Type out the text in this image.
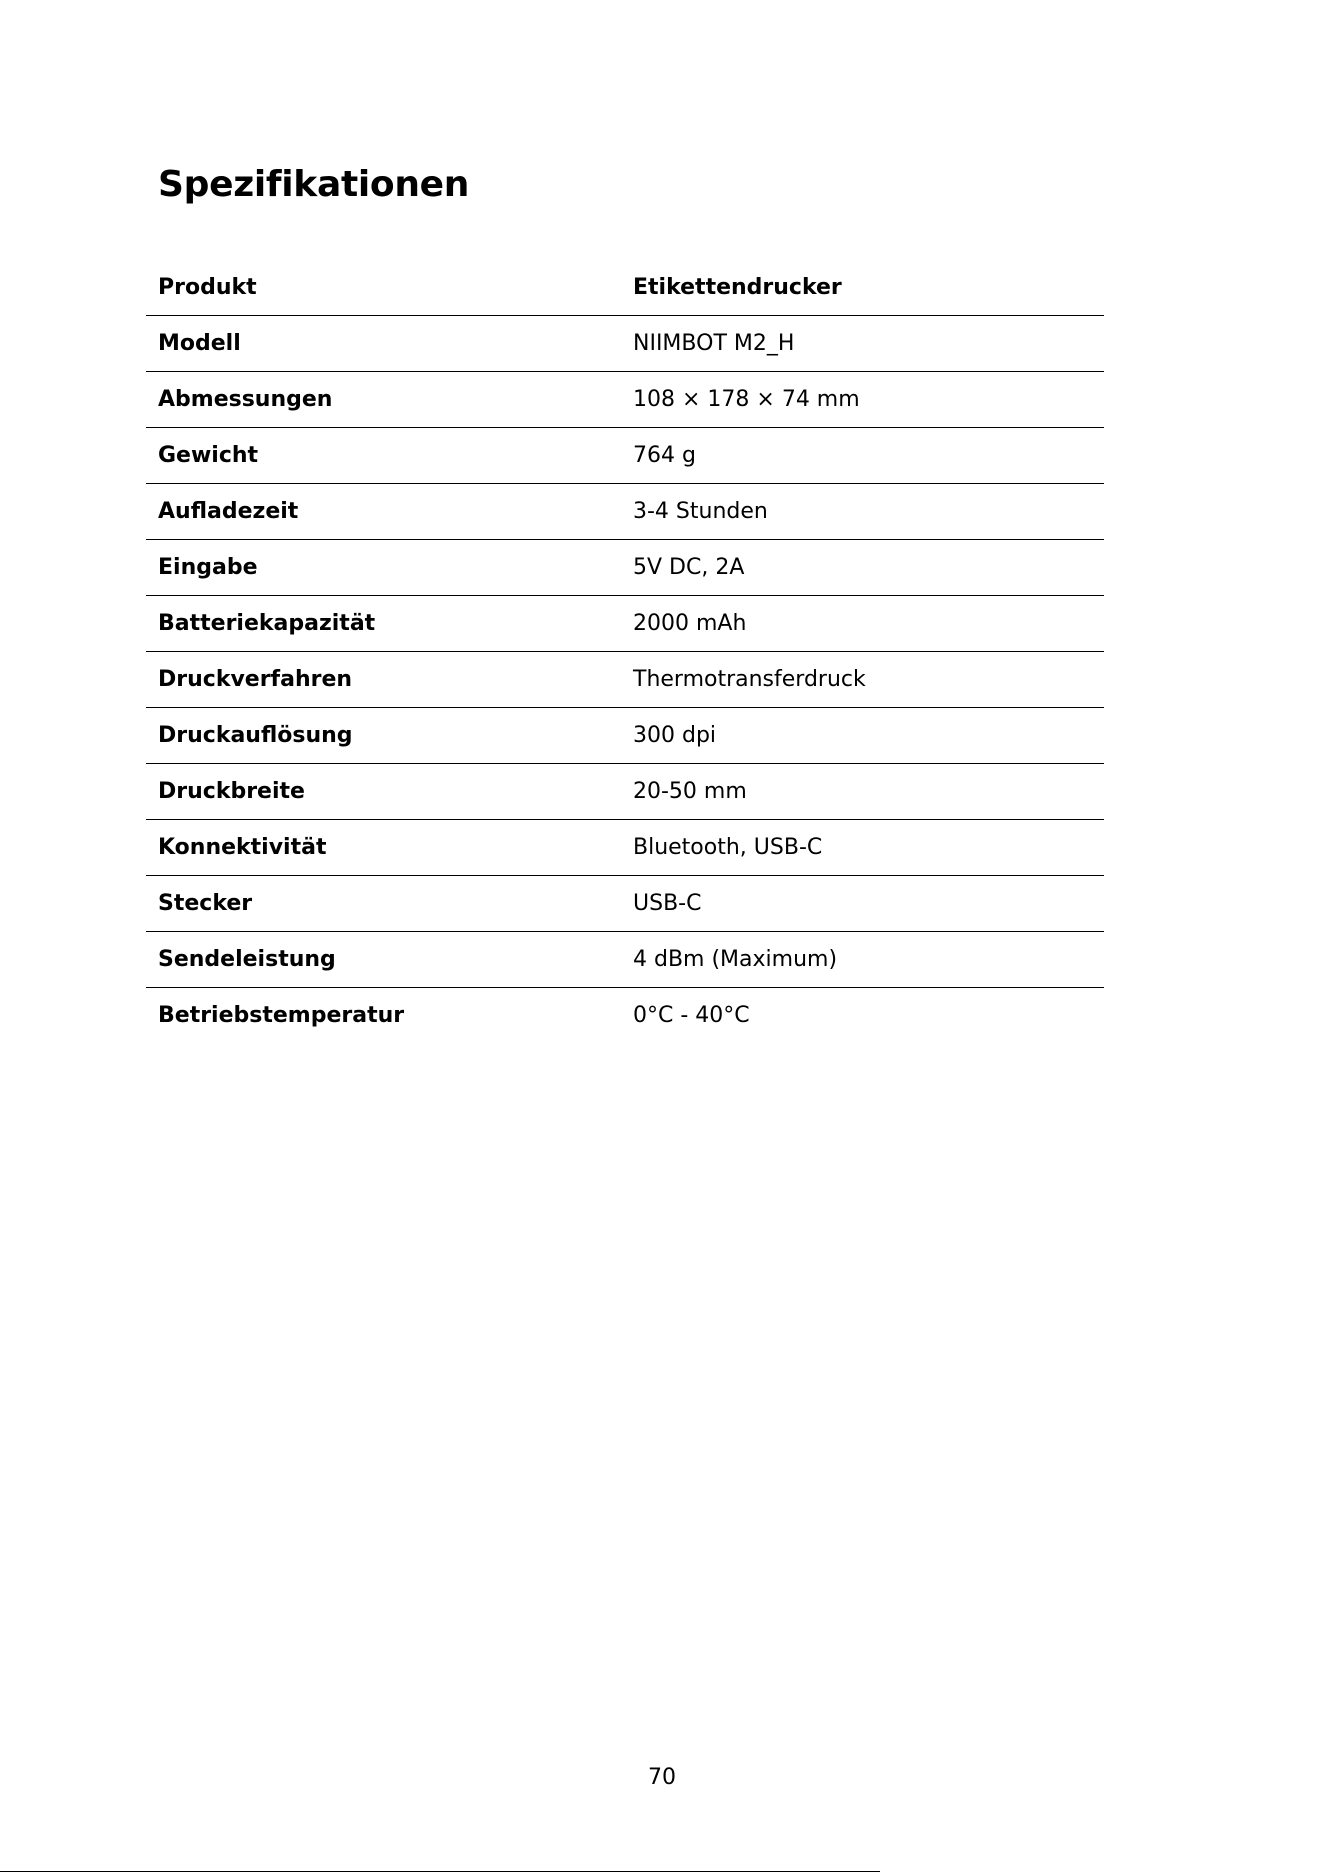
Spezifikationen
Produkt	Etikettendrucker
Modell	NIIMBOT M2_H
Abmessungen	108 × 178 × 74 mm
Gewicht	764 g
Aufladezeit	3-4 Stunden
Eingabe	5V DC, 2A
Batteriekapazität	2000 mAh
Druckverfahren	Thermotransferdruck
Druckauflösung	300 dpi
Druckbreite	20-50 mm
Konnektivität	Bluetooth, USB-C
Stecker	USB-C
Sendeleistung	4 dBm (Maximum)
Betriebstemperatur	0°C - 40°C
70
